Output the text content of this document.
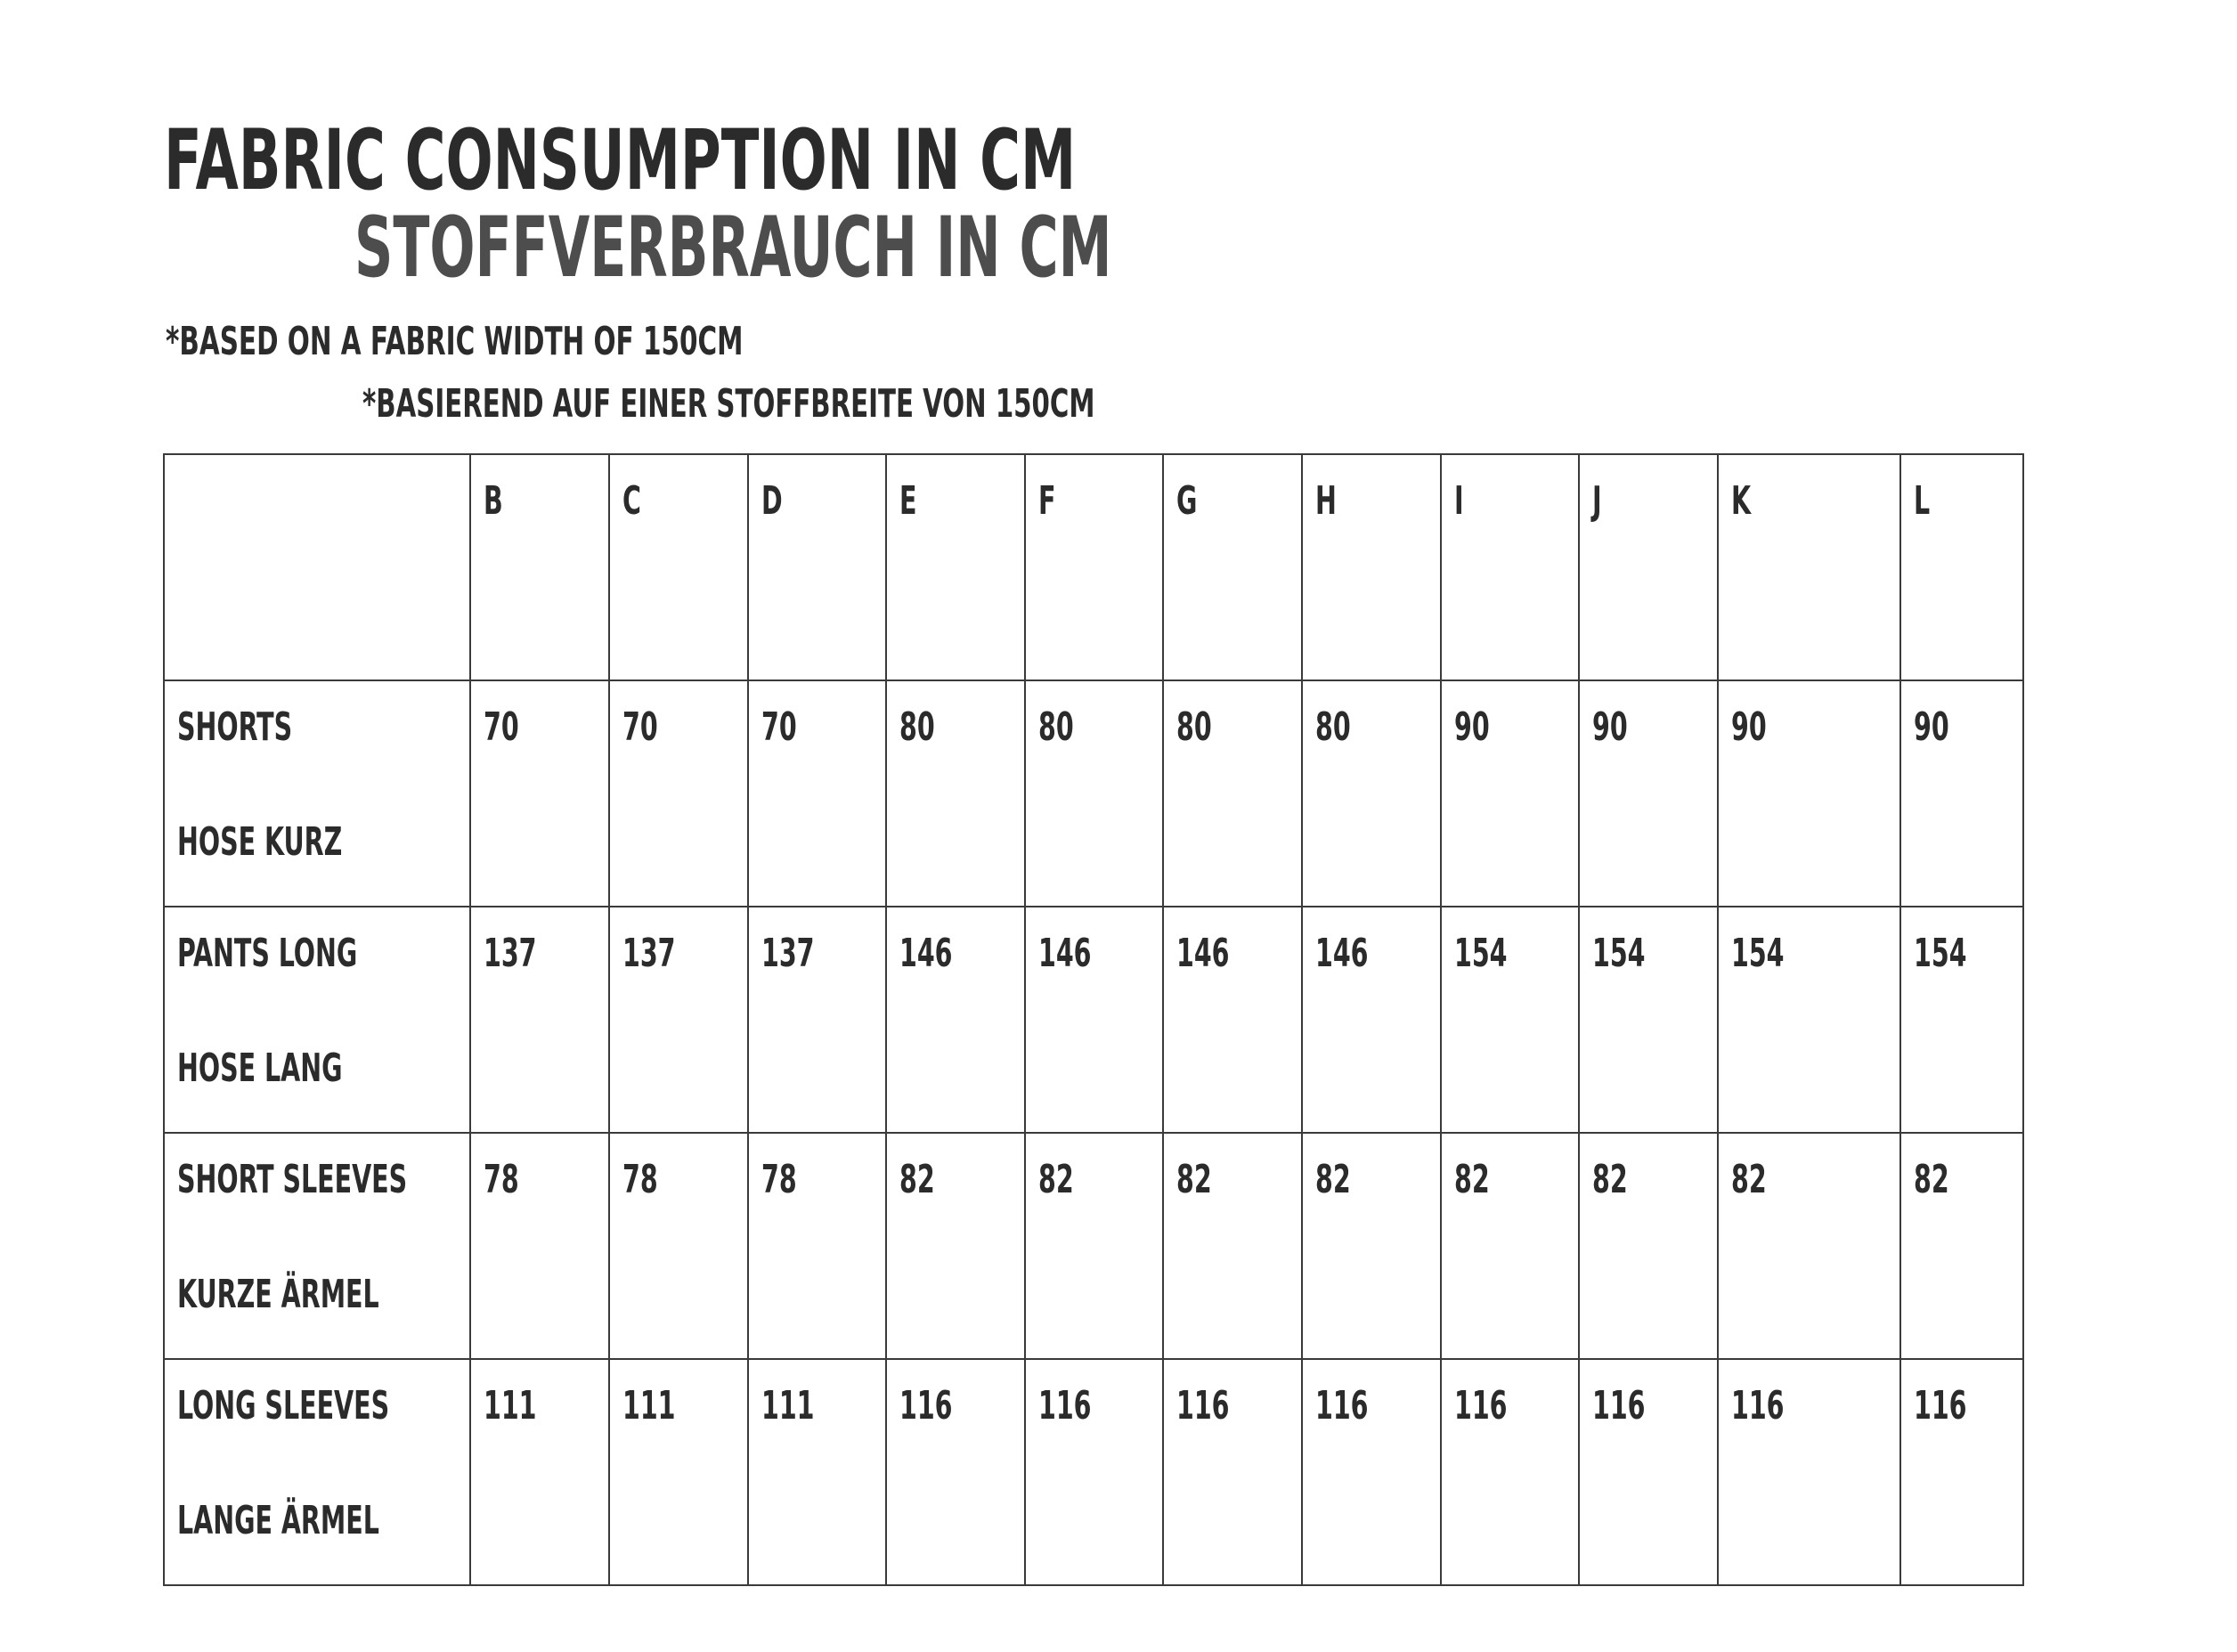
FABRIC CONSUMPTION IN CM
STOFFVERBRAUCH IN CM

*BASED ON A FABRIC WIDTH OF 150CM

*BASIEREND AUF EINER STOFFBREITE VON 150CM

	B	C	D	E	F	G	H	I	J	K	L

SHORTS
HOSE KURZ	70	70	70	80	80	80	80	90	90	90	90

PANTS LONG
HOSE LANG	137	137	137	146	146	146	146	154	154	154	154

SHORT SLEEVES
KURZE ÄRMEL	78	78	78	82	82	82	82	82	82	82	82

LONG SLEEVES
LANGE ÄRMEL	111	111	111	116	116	116	116	116	116	116	116
